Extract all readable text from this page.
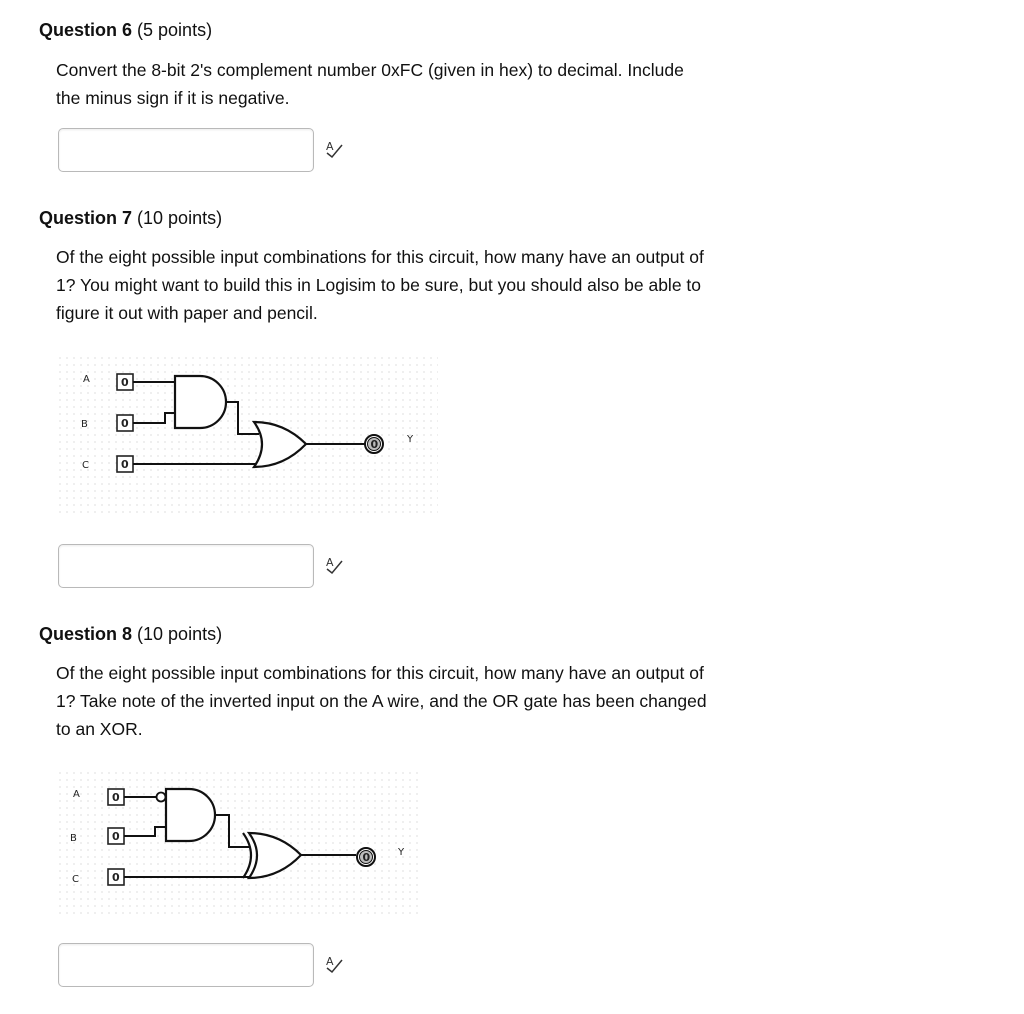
Question 6 (5 points)
Convert the 8-bit 2's complement number 0xFC (given in hex) to decimal. Include
the minus sign if it is negative.
A
Question 7 (10 points)
Of the eight possible input combinations for this circuit, how many have an output of
1? You might want to build this in Logisim to be sure, but you should also be able to
figure it out with paper and pencil.
A
B
C
0
0
0
0	Y
A
Question 8 (10 points)
Of the eight possible input combinations for this circuit, how many have an output of
1? Take note of the inverted input on the A wire, and the OR gate has been changed
to an XOR.
A
B
C
0
0
0
0	Y
A
